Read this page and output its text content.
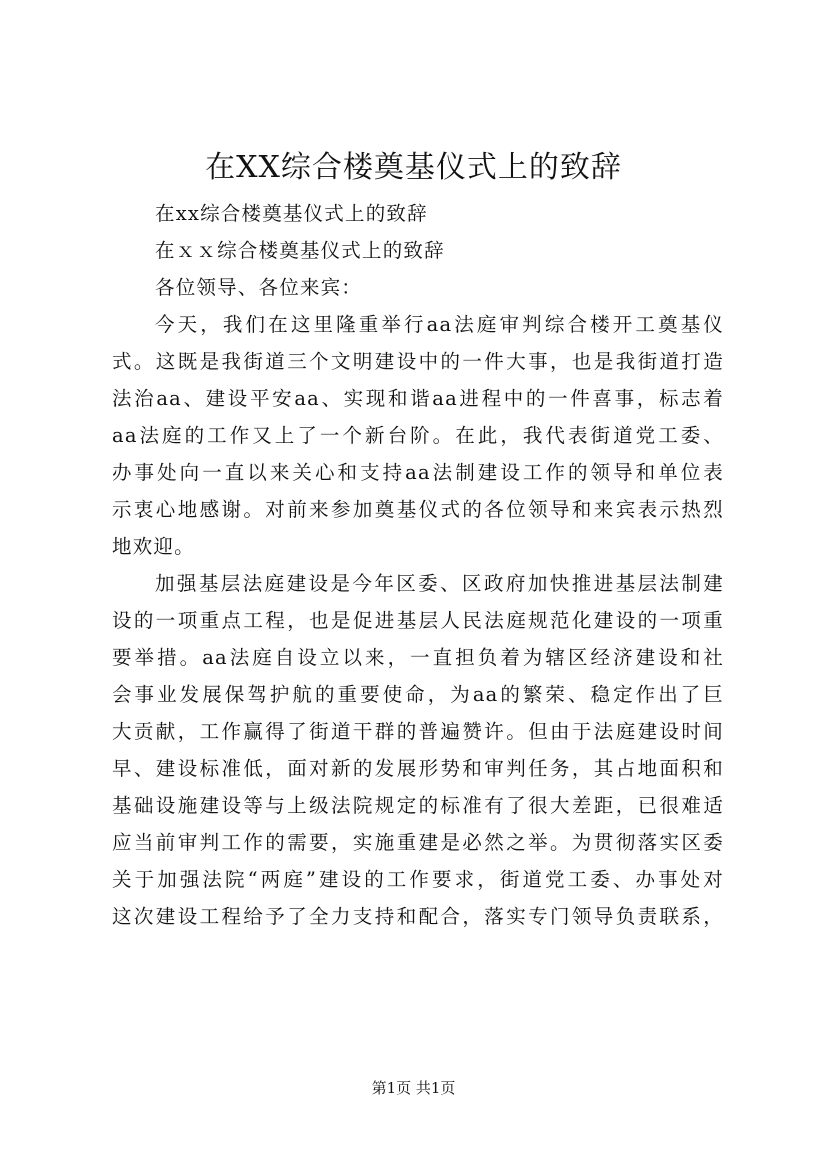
在XX综合楼奠基仪式上的致辞
在xx综合楼奠基仪式上的致辞
在ｘｘ综合楼奠基仪式上的致辞
各位领导、各位来宾：
今天，我们在这里隆重举行aa法庭审判综合楼开工奠基仪
式。这既是我街道三个文明建设中的一件大事，也是我街道打造
法治aa、建设平安aa、实现和谐aa进程中的一件喜事，标志着
aa法庭的工作又上了一个新台阶。在此，我代表街道党工委、
办事处向一直以来关心和支持aa法制建设工作的领导和单位表
示衷心地感谢。对前来参加奠基仪式的各位领导和来宾表示热烈
地欢迎。
加强基层法庭建设是今年区委、区政府加快推进基层法制建
设的一项重点工程，也是促进基层人民法庭规范化建设的一项重
要举措。aa法庭自设立以来，一直担负着为辖区经济建设和社
会事业发展保驾护航的重要使命，为aa的繁荣、稳定作出了巨
大贡献，工作赢得了街道干群的普遍赞许。但由于法庭建设时间
早、建设标准低，面对新的发展形势和审判任务，其占地面积和
基础设施建设等与上级法院规定的标准有了很大差距，已很难适
应当前审判工作的需要，实施重建是必然之举。为贯彻落实区委
关于加强法院“两庭”建设的工作要求，街道党工委、办事处对
这次建设工程给予了全力支持和配合，落实专门领导负责联系，
第1页 共1页
